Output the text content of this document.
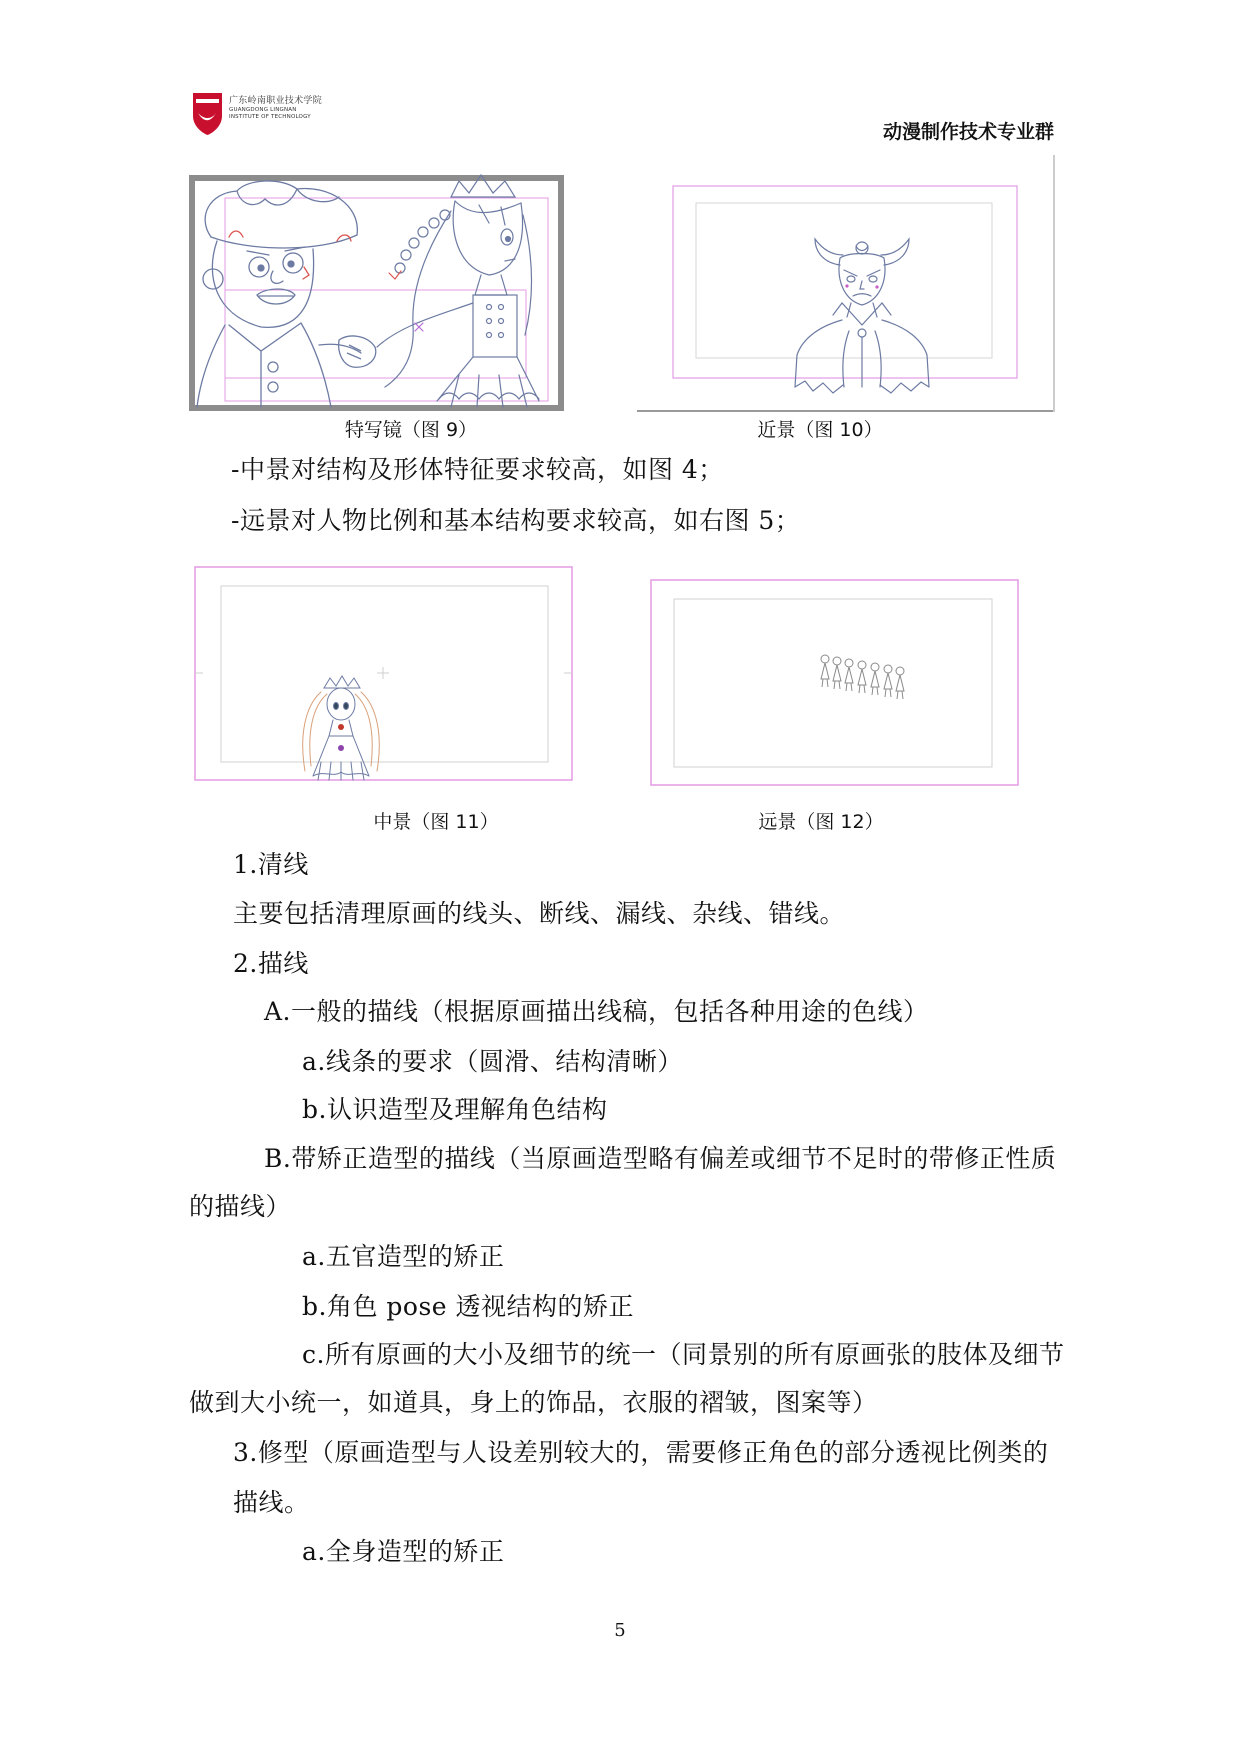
广东岭南职业技术学院
GUANGDONG LINGNAN
INSTITUTE OF TECHNOLOGY
动漫制作技术专业群
特写镜（图 9）	近景（图 10）
-中景对结构及形体特征要求较高，如图 4；
-远景对人物比例和基本结构要求较高，如右图 5；
中景（图 11）	远景（图 12）
1.清线
主要包括清理原画的线头、断线、漏线、杂线、错线。
2.描线
A.一般的描线（根据原画描出线稿，包括各种用途的色线）
a.线条的要求（圆滑、结构清晰）
b.认识造型及理解角色结构
B.带矫正造型的描线（当原画造型略有偏差或细节不足时的带修正性质
的描线）
a.五官造型的矫正
b.角色 pose 透视结构的矫正
c.所有原画的大小及细节的统一（同景别的所有原画张的肢体及细节
做到大小统一，如道具，身上的饰品，衣服的褶皱，图案等）
3.修型（原画造型与人设差别较大的，需要修正角色的部分透视比例类的
描线。
a.全身造型的矫正
5
